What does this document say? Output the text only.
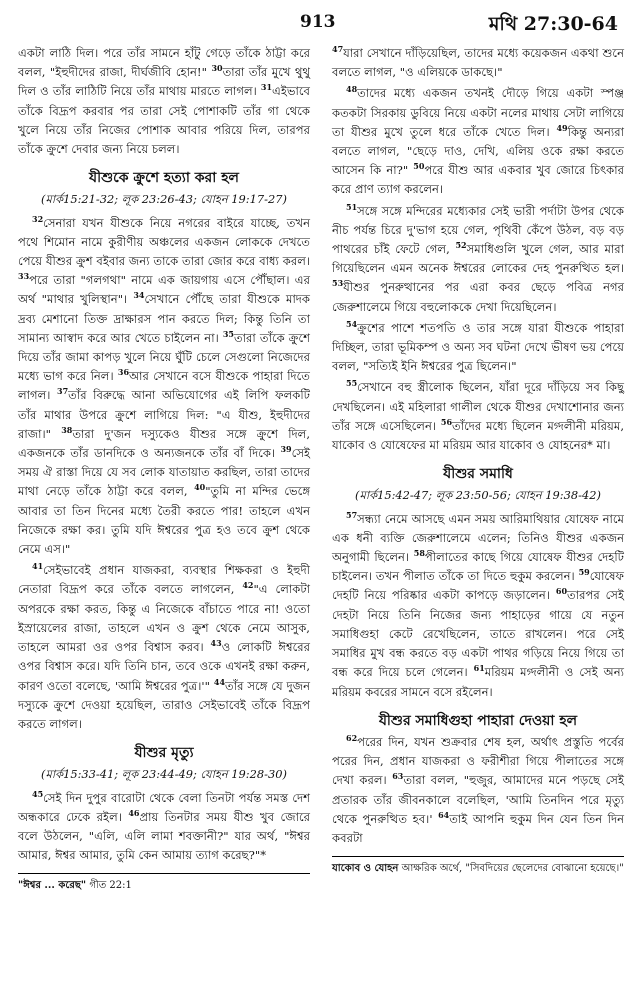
913	মথি 27:30-64

একটা লাঠি দিল। পরে তাঁর সামনে হাঁটু গেড়ে তাঁকে ঠাট্টা করে বলল, "ইহুদীদের রাজা, দীর্ঘজীবি হোন!" $^{30}$তারা তাঁর মুখে থুথু দিল ও তাঁর লাঠিটি নিয়ে তাঁর মাথায় মারতে লাগল। $^{31}$এইভাবে তাঁকে বিদ্রূপ করবার পর তারা সেই পোশাকটি তাঁর গা থেকে খুলে নিয়ে তাঁর নিজের পোশাক আবার পরিয়ে দিল, তারপর তাঁকে ক্রুশে দেবার জন্য নিয়ে চলল।

যীশুকে ক্রুশে হত্যা করা হল
(মার্ক15:21-32; লূক 23:26-43; যোহন 19:17-27)

$^{32}$সেনারা যখন যীশুকে নিয়ে নগরের বাইরে যাচ্ছে, তখন পথে শিমোন নামে কুরীণীয় অঞ্চলের একজন লোককে দেখতে পেয়ে যীশুর ক্রুশ বইবার জন্য তাকে তারা জোর করে বাধ্য করল। $^{33}$পরে তারা "গলগথা" নামে এক জায়গায় এসে পৌঁছাল। এর অর্থ "মাথার খুলিস্থান"। $^{34}$সেখানে পৌঁছে তারা যীশুকে মাদক দ্রব্য মেশানো তিক্ত দ্রাক্ষারস পান করতে দিল; কিন্তু তিনি তা সামান্য আস্বাদ করে আর খেতে চাইলেন না। $^{35}$তারা তাঁকে ক্রুশে দিয়ে তাঁর জামা কাপড় খুলে নিয়ে ঘুঁটি চেলে সেগুলো নিজেদের মধ্যে ভাগ করে নিল। $^{36}$আর সেখানে বসে যীশুকে পাহারা দিতে লাগল। $^{37}$তাঁর বিরুদ্ধে আনা অভিযোগের এই লিপি ফলকটি তাঁর মাথার উপরে ক্রুশে লাগিয়ে দিল: "এ যীশু, ইহুদীদের রাজা।" $^{38}$তারা দু'জন দস্যুকেও যীশুর সঙ্গে ক্রুশে দিল, একজনকে তাঁর ডানদিকে ও অন্যজনকে তাঁর বাঁ দিকে। $^{39}$সেই সময় ঐ রাস্তা দিয়ে যে সব লোক যাতায়াত করছিল, তারা তাদের মাথা নেড়ে তাঁকে ঠাট্টা করে বলল, $^{40}$"তুমি না মন্দির ভেঙ্গে আবার তা তিন দিনের মধ্যে তৈরী করতে পার! তাহলে এখন নিজেকে রক্ষা কর। তুমি যদি ঈশ্বরের পুত্র হও তবে ক্রুশ থেকে নেমে এস।"

$^{41}$সেইভাবেই প্রধান যাজকরা, ব্যবস্থার শিক্ষকরা ও ইহুদী নেতারা বিদ্রূপ করে তাঁকে বলতে লাগলেন, $^{42}$"এ লোকটা অপরকে রক্ষা করত, কিন্তু এ নিজেকে বাঁচাতে পারে না! ওতো ইস্রায়েলের রাজা, তাহলে এখন ও ক্রুশ থেকে নেমে আসুক, তাহলে আমরা ওর ওপর বিশ্বাস করব। $^{43}$ও লোকটি ঈশ্বরের ওপর বিশ্বাস করে। যদি তিনি চান, তবে ওকে এখনই রক্ষা করুন, কারণ ওতো বলেছে, 'আমি ঈশ্বরের পুত্র।'" $^{44}$তাঁর সঙ্গে যে দুজন দস্যুকে ক্রুশে দেওয়া হয়েছিল, তারাও সেইভাবেই তাঁকে বিদ্রূপ করতে লাগল।

যীশুর মৃত্যু
(মার্ক15:33-41; লূক 23:44-49; যোহন 19:28-30)

$^{45}$সেই দিন দুপুর বারোটা থেকে বেলা তিনটা পর্যন্ত সমস্ত দেশ অন্ধকারে ঢেকে রইল। $^{46}$প্রায় তিনটার সময় যীশু খুব জোরে বলে উঠলেন, "এলি, এলি লামা শবক্তানী?" যার অর্থ, "ঈশ্বর আমার, ঈশ্বর আমার, তুমি কেন আমায় ত্যাগ করেছ?"*

"ঈশ্বর ... করেছ" গীত 22:1

$^{47}$যারা সেখানে দাঁড়িয়েছিল, তাদের মধ্যে কয়েকজন একথা শুনে বলতে লাগল, "ও এলিয়কে ডাকছে।"

$^{48}$তাদের মধ্যে একজন তখনই দৌড়ে গিয়ে একটা স্পঞ্জ কতকটা সিরকায় ডুবিয়ে নিয়ে একটা নলের মাথায় সেটা লাগিয়ে তা যীশুর মুখে তুলে ধরে তাঁকে খেতে দিল। $^{49}$কিন্তু অন্যরা বলতে লাগল, "ছেড়ে দাও, দেখি, এলিয় ওকে রক্ষা করতে আসেন কি না?" $^{50}$পরে যীশু আর একবার খুব জোরে চিৎকার করে প্রাণ ত্যাগ করলেন।

$^{51}$সঙ্গে সঙ্গে মন্দিরের মধ্যেকার সেই ভারী পর্দাটা উপর থেকে নীচ পর্যন্ত চিরে দু'ভাগ হয়ে গেল, পৃথিবী কেঁপে উঠল, বড় বড় পাথরের চাঁই ফেটে গেল, $^{52}$সমাধিগুলি খুলে গেল, আর মারা গিয়েছিলেন এমন অনেক ঈশ্বরের লোকের দেহ পুনরুত্থিত হল। $^{53}$যীশুর পুনরুত্থানের পর এরা কবর ছেড়ে পবিত্র নগর জেরুশালেমে গিয়ে বহুলোককে দেখা দিয়েছিলেন।

$^{54}$ক্রুশের পাশে শতপতি ও তার সঙ্গে যারা যীশুকে পাহারা দিচ্ছিল, তারা ভূমিকম্প ও অন্য সব ঘটনা দেখে ভীষণ ভয় পেয়ে বলল, "সত্যিই ইনি ঈশ্বরের পুত্র ছিলেন।"

$^{55}$সেখানে বহু স্ত্রীলোক ছিলেন, যাঁরা দূরে দাঁড়িয়ে সব কিছু দেখছিলেন। এই মহিলারা গালীল থেকে যীশুর দেখাশোনার জন্য তাঁর সঙ্গে এসেছিলেন। $^{56}$তাঁদের মধ্যে ছিলেন মগ্দলীনী মরিয়ম, যাকোব ও যোষেফের মা মরিয়ম আর যাকোব ও যোহনের* মা।

যীশুর সমাধি
(মার্ক15:42-47; লূক 23:50-56; যোহন 19:38-42)

$^{57}$সন্ধ্যা নেমে আসছে এমন সময় আরিমাথিয়ার যোষেফ নামে এক ধনী ব্যক্তি জেরুশালেমে এলেন; তিনিও যীশুর একজন অনুগামী ছিলেন। $^{58}$পীলাতের কাছে গিয়ে যোষেফ যীশুর দেহটি চাইলেন। তখন পীলাত তাঁকে তা দিতে হুকুম করলেন। $^{59}$যোষেফ দেহটি নিয়ে পরিষ্কার একটা কাপড়ে জড়ালেন। $^{60}$তারপর সেই দেহটা নিয়ে তিনি নিজের জন্য পাহাড়ের গায়ে যে নতুন সমাধিগুহা কেটে রেখেছিলেন, তাতে রাখলেন। পরে সেই সমাধির মুখ বন্ধ করতে বড় একটা পাথর গড়িয়ে নিয়ে গিয়ে তা বন্ধ করে দিয়ে চলে গেলেন। $^{61}$মরিয়ম মগ্দলীনী ও সেই অন্য মরিয়ম কবরের সামনে বসে রইলেন।

যীশুর সমাধিগুহা পাহারা দেওয়া হল

$^{62}$পরের দিন, যখন শুক্রবার শেষ হল, অর্থাৎ প্রস্তুতি পর্বের পরের দিন, প্রধান যাজকরা ও ফরীশীরা গিয়ে পীলাতের সঙ্গে দেখা করল। $^{63}$তারা বলল, "হুজুর, আমাদের মনে পড়ছে সেই প্রতারক তাঁর জীবনকালে বলেছিল, 'আমি তিনদিন পরে মৃত্যু থেকে পুনরুত্থিত হব।' $^{64}$তাই আপনি হুকুম দিন যেন তিন দিন কবরটা

যাকোব ও যোহন আক্ষরিক অর্থে, "সিবদিয়ের ছেলেদের বোঝানো হয়েছে।"
